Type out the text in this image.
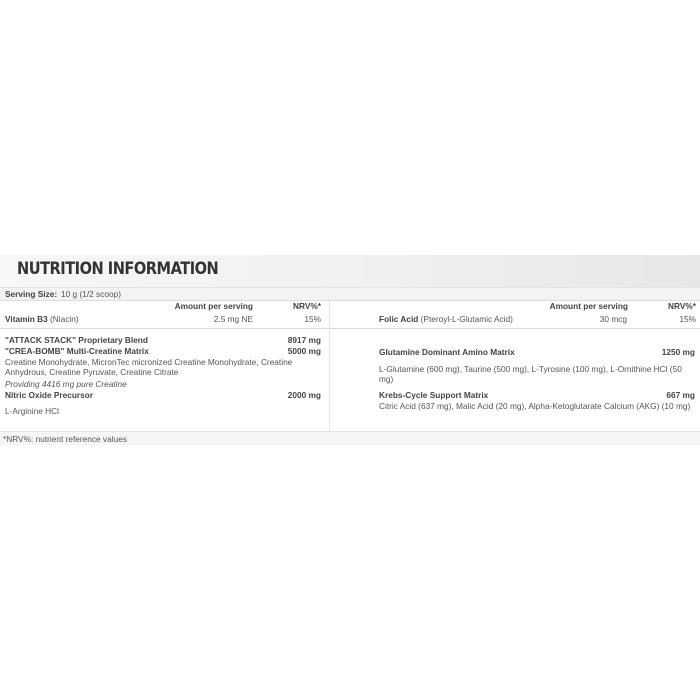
NUTRITION INFORMATION
Serving Size: 10 g (1/2 scoop)
Amount per serving	NRV%*
Vitamin B3 (Niacin)	2.5 mg NE	15%
"ATTACK STACK" Proprietary Blend	8917 mg
"CREA-BOMB" Multi-Creatine Matrix	5000 mg
Creatine Monohydrate, MicronTec micronized Creatine Monohydrate, Creatine Anhydrous, Creatine Pyruvate, Creatine Citrate
Providing 4416 mg pure Creatine
Nitric Oxide Precursor	2000 mg
L-Arginine HCl
Amount per serving	NRV%*
Folic Acid (Pteroyl-L-Glutamic Acid)	30 mcg	15%
Glutamine Dominant Amino Matrix	1250 mg
L-Glutamine (600 mg), Taurine (500 mg), L-Tyrosine (100 mg), L-Ornithine HCl (50 mg)
Krebs-Cycle Support Matrix	667 mg
Citric Acid (637 mg), Malic Acid (20 mg), Alpha-Ketoglutarate Calcium (AKG) (10 mg)
*NRV%: nutrient reference values
